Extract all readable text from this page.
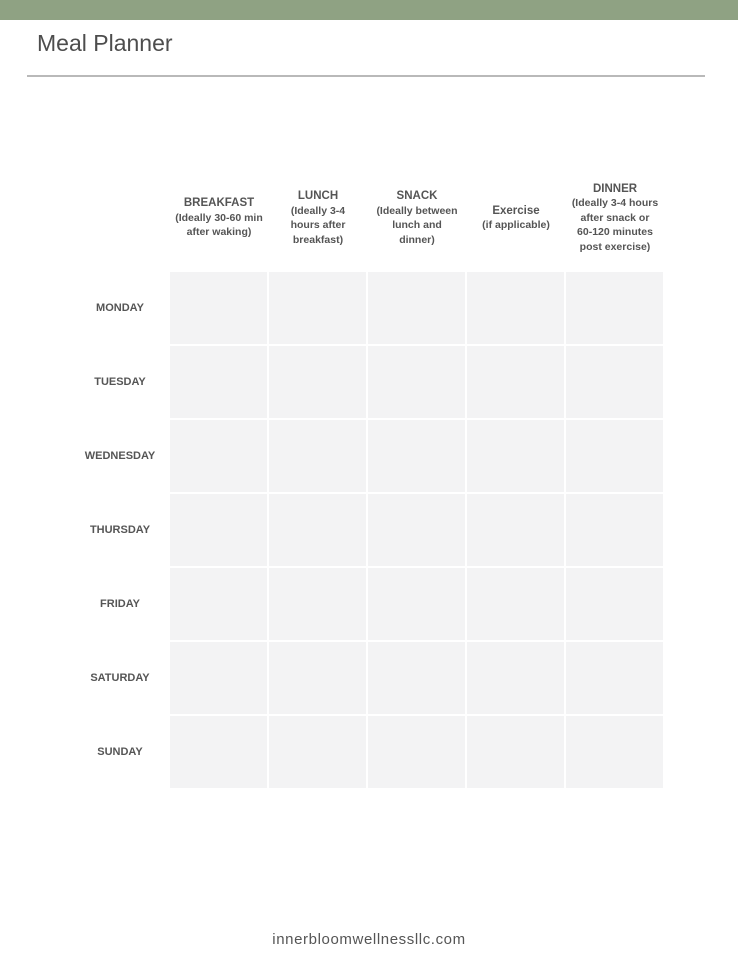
Meal Planner
BREAKFAST
(Ideally 30-60 min
after waking)
LUNCH
(Ideally 3-4
hours after
breakfast)
SNACK
(Ideally between
lunch and
dinner)
Exercise
(if applicable)
DINNER
(Ideally 3-4 hours
after snack or
60-120 minutes
post exercise)
MONDAY
TUESDAY
WEDNESDAY
THURSDAY
FRIDAY
SATURDAY
SUNDAY
innerbloomwellnessllc.com
